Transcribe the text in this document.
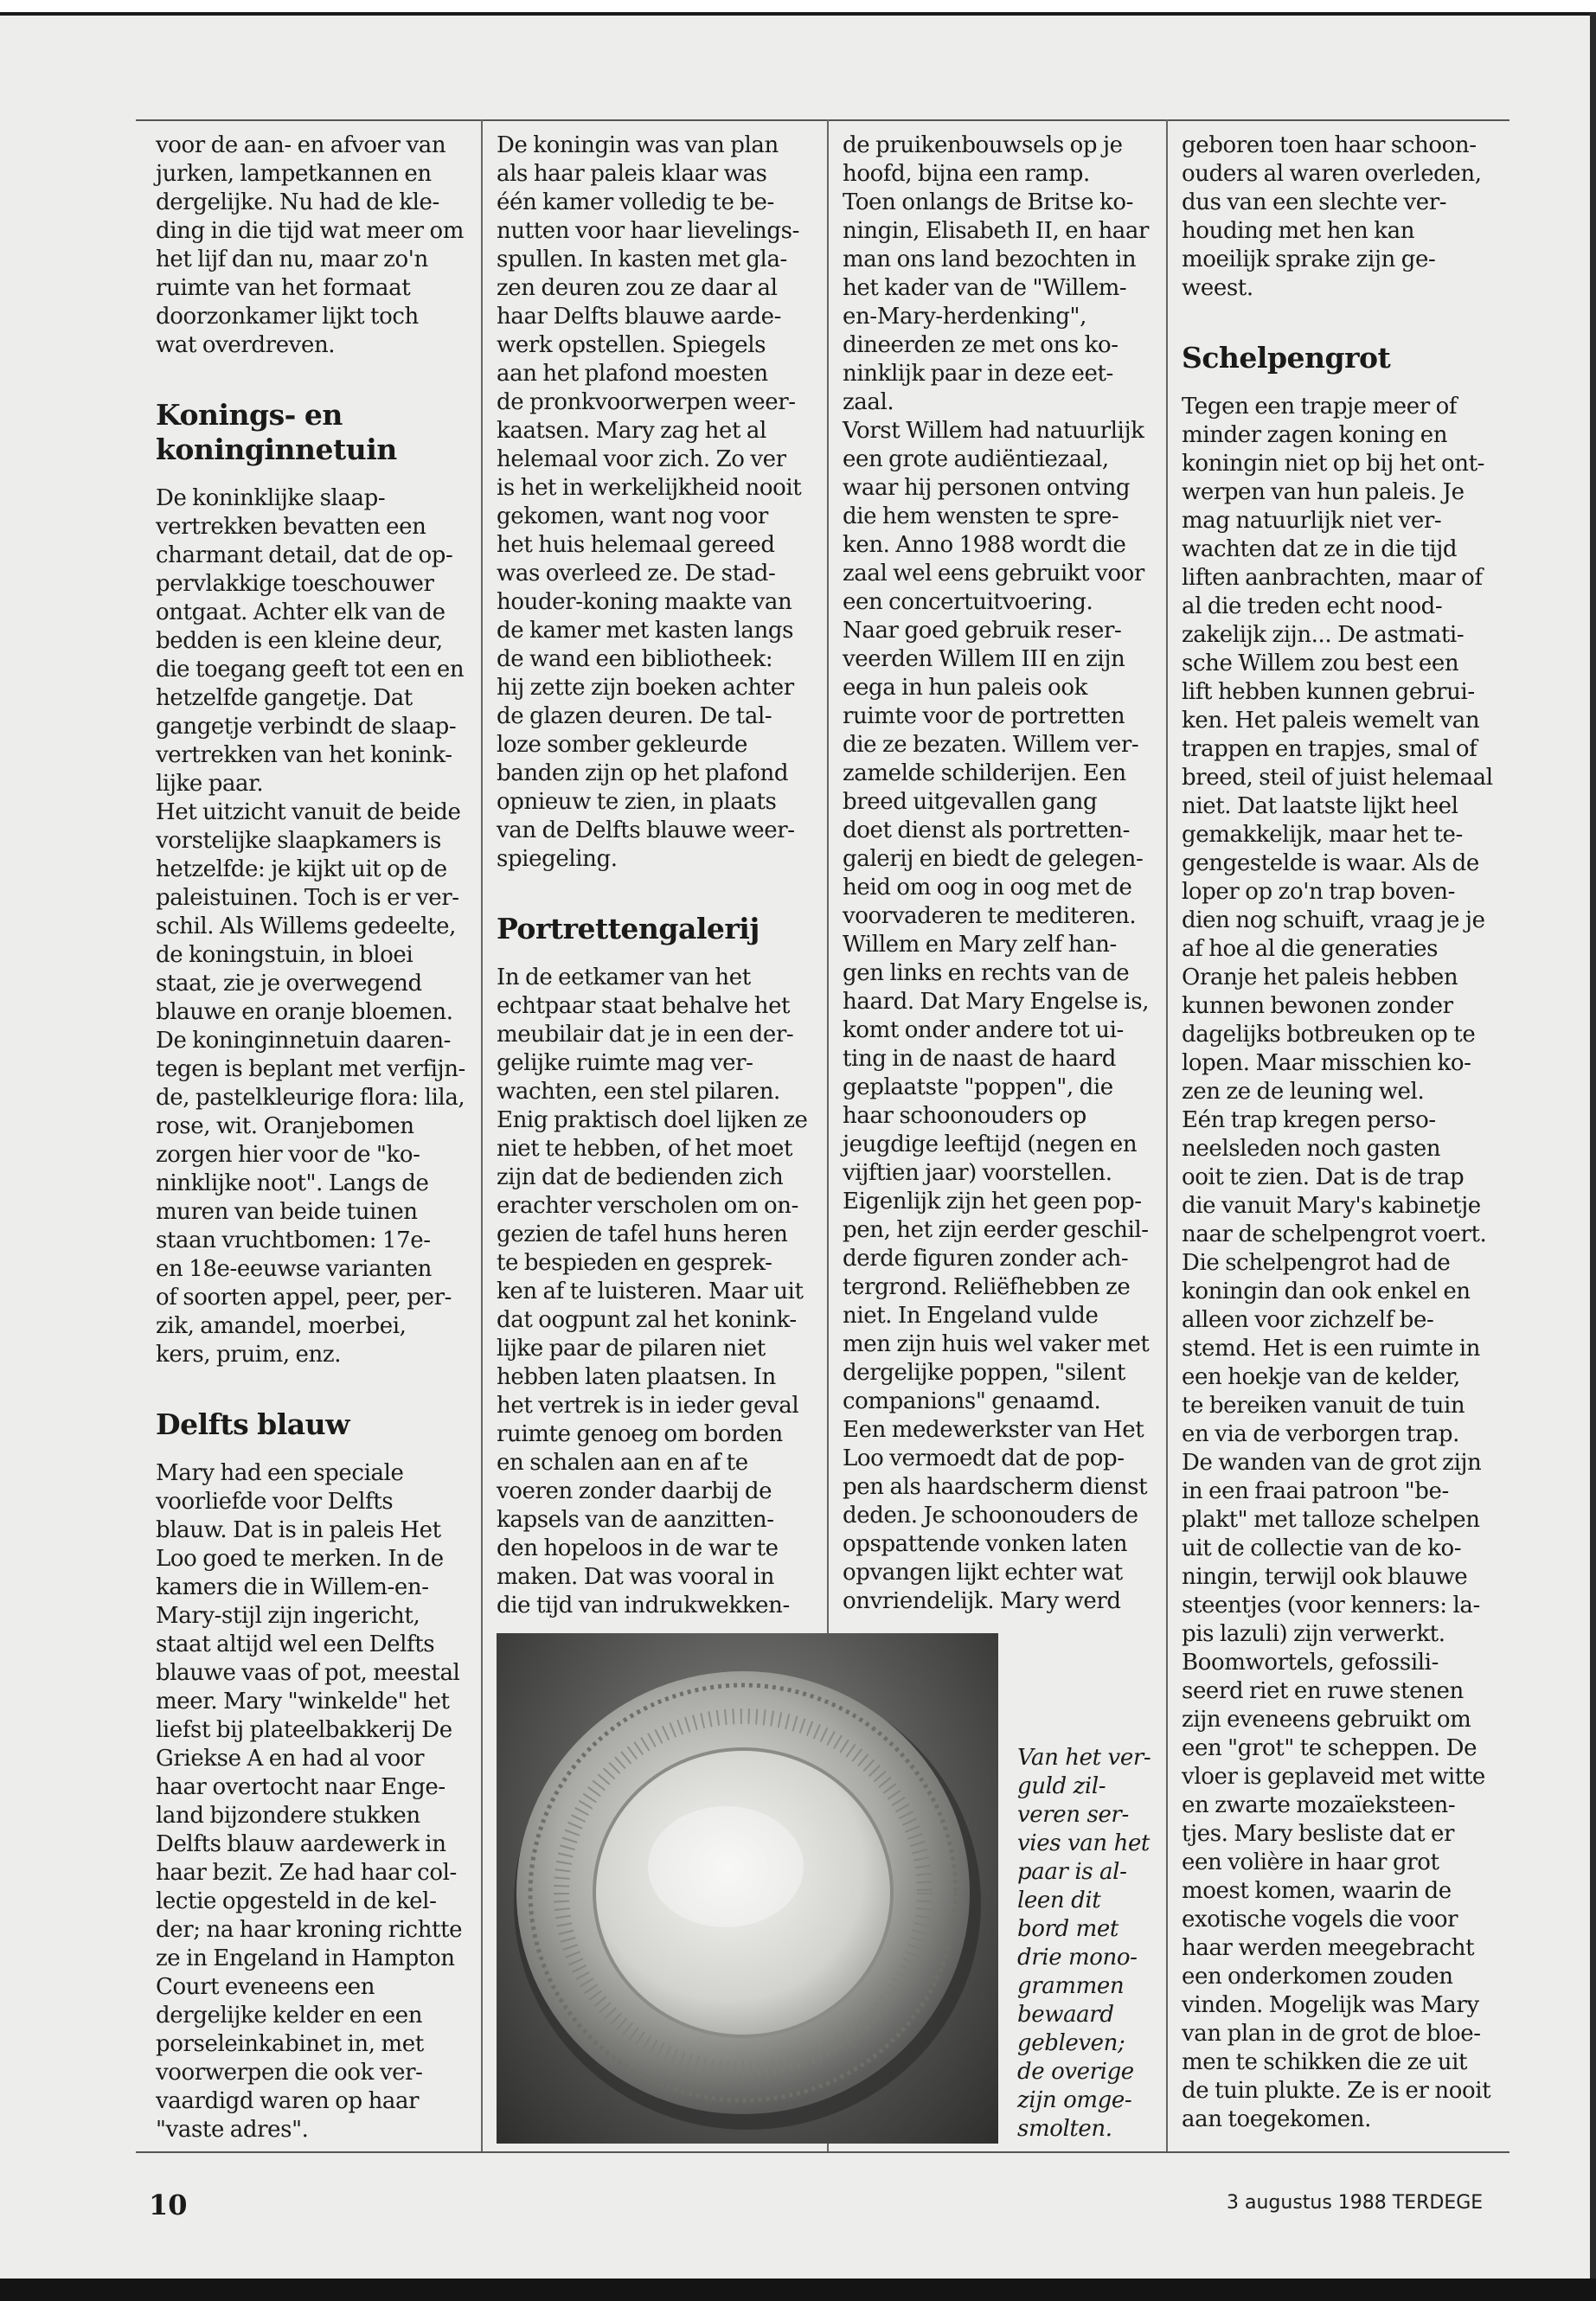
voor de aan- en afvoer van
jurken, lampetkannen en
dergelijke. Nu had de kle-
ding in die tijd wat meer om
het lijf dan nu, maar zo'n
ruimte van het formaat
doorzonkamer lijkt toch
wat overdreven.

Konings- en
koninginnetuin

De koninklijke slaap-
vertrekken bevatten een
charmant detail, dat de op-
pervlakkige toeschouwer
ontgaat. Achter elk van de
bedden is een kleine deur,
die toegang geeft tot een en
hetzelfde gangetje. Dat
gangetje verbindt de slaap-
vertrekken van het konink-
lijke paar.
Het uitzicht vanuit de beide
vorstelijke slaapkamers is
hetzelfde: je kijkt uit op de
paleistuinen. Toch is er ver-
schil. Als Willems gedeelte,
de koningstuin, in bloei
staat, zie je overwegend
blauwe en oranje bloemen.
De koninginnetuin daaren-
tegen is beplant met verfijn-
de, pastelkleurige flora: lila,
rose, wit. Oranjebomen
zorgen hier voor de "ko-
ninklijke noot". Langs de
muren van beide tuinen
staan vruchtbomen: 17e-
en 18e-eeuwse varianten
of soorten appel, peer, per-
zik, amandel, moerbei,
kers, pruim, enz.

Delfts blauw

Mary had een speciale
voorliefde voor Delfts
blauw. Dat is in paleis Het
Loo goed te merken. In de
kamers die in Willem-en-
Mary-stijl zijn ingericht,
staat altijd wel een Delfts
blauwe vaas of pot, meestal
meer. Mary "winkelde" het
liefst bij plateelbakkerij De
Griekse A en had al voor
haar overtocht naar Enge-
land bijzondere stukken
Delfts blauw aardewerk in
haar bezit. Ze had haar col-
lectie opgesteld in de kel-
der; na haar kroning richtte
ze in Engeland in Hampton
Court eveneens een
dergelijke kelder en een
porseleinkabinet in, met
voorwerpen die ook ver-
vaardigd waren op haar
"vaste adres".

De koningin was van plan
als haar paleis klaar was
één kamer volledig te be-
nutten voor haar lievelings-
spullen. In kasten met gla-
zen deuren zou ze daar al
haar Delfts blauwe aarde-
werk opstellen. Spiegels
aan het plafond moesten
de pronkvoorwerpen weer-
kaatsen. Mary zag het al
helemaal voor zich. Zo ver
is het in werkelijkheid nooit
gekomen, want nog voor
het huis helemaal gereed
was overleed ze. De stad-
houder-koning maakte van
de kamer met kasten langs
de wand een bibliotheek:
hij zette zijn boeken achter
de glazen deuren. De tal-
loze somber gekleurde
banden zijn op het plafond
opnieuw te zien, in plaats
van de Delfts blauwe weer-
spiegeling.

Portrettengalerij

In de eetkamer van het
echtpaar staat behalve het
meubilair dat je in een der-
gelijke ruimte mag ver-
wachten, een stel pilaren.
Enig praktisch doel lijken ze
niet te hebben, of het moet
zijn dat de bedienden zich
erachter verscholen om on-
gezien de tafel huns heren
te bespieden en gesprek-
ken af te luisteren. Maar uit
dat oogpunt zal het konink-
lijke paar de pilaren niet
hebben laten plaatsen. In
het vertrek is in ieder geval
ruimte genoeg om borden
en schalen aan en af te
voeren zonder daarbij de
kapsels van de aanzitten-
den hopeloos in de war te
maken. Dat was vooral in
die tijd van indrukwekken-

de pruikenbouwsels op je
hoofd, bijna een ramp.
Toen onlangs de Britse ko-
ningin, Elisabeth II, en haar
man ons land bezochten in
het kader van de "Willem-
en-Mary-herdenking",
dineerden ze met ons ko-
ninklijk paar in deze eet-
zaal.
Vorst Willem had natuurlijk
een grote audiëntiezaal,
waar hij personen ontving
die hem wensten te spre-
ken. Anno 1988 wordt die
zaal wel eens gebruikt voor
een concertuitvoering.
Naar goed gebruik reser-
veerden Willem III en zijn
eega in hun paleis ook
ruimte voor de portretten
die ze bezaten. Willem ver-
zamelde schilderijen. Een
breed uitgevallen gang
doet dienst als portretten-
galerij en biedt de gelegen-
heid om oog in oog met de
voorvaderen te mediteren.
Willem en Mary zelf han-
gen links en rechts van de
haard. Dat Mary Engelse is,
komt onder andere tot ui-
ting in de naast de haard
geplaatste "poppen", die
haar schoonouders op
jeugdige leeftijd (negen en
vijftien jaar) voorstellen.
Eigenlijk zijn het geen pop-
pen, het zijn eerder geschil-
derde figuren zonder ach-
tergrond. Reliëfhebben ze
niet. In Engeland vulde
men zijn huis wel vaker met
dergelijke poppen, "silent
companions" genaamd.
Een medewerkster van Het
Loo vermoedt dat de pop-
pen als haardscherm dienst
deden. Je schoonouders de
opspattende vonken laten
opvangen lijkt echter wat
onvriendelijk. Mary werd

geboren toen haar schoon-
ouders al waren overleden,
dus van een slechte ver-
houding met hen kan
moeilijk sprake zijn ge-
weest.

Schelpengrot

Tegen een trapje meer of
minder zagen koning en
koningin niet op bij het ont-
werpen van hun paleis. Je
mag natuurlijk niet ver-
wachten dat ze in die tijd
liften aanbrachten, maar of
al die treden echt nood-
zakelijk zijn... De astmati-
sche Willem zou best een
lift hebben kunnen gebrui-
ken. Het paleis wemelt van
trappen en trapjes, smal of
breed, steil of juist helemaal
niet. Dat laatste lijkt heel
gemakkelijk, maar het te-
gengestelde is waar. Als de
loper op zo'n trap boven-
dien nog schuift, vraag je je
af hoe al die generaties
Oranje het paleis hebben
kunnen bewonen zonder
dagelijks botbreuken op te
lopen. Maar misschien ko-
zen ze de leuning wel.
Eén trap kregen perso-
neelsleden noch gasten
ooit te zien. Dat is de trap
die vanuit Mary's kabinetje
naar de schelpengrot voert.
Die schelpengrot had de
koningin dan ook enkel en
alleen voor zichzelf be-
stemd. Het is een ruimte in
een hoekje van de kelder,
te bereiken vanuit de tuin
en via de verborgen trap.
De wanden van de grot zijn
in een fraai patroon "be-
plakt" met talloze schelpen
uit de collectie van de ko-
ningin, terwijl ook blauwe
steentjes (voor kenners: la-
pis lazuli) zijn verwerkt.
Boomwortels, gefossili-
seerd riet en ruwe stenen
zijn eveneens gebruikt om
een "grot" te scheppen. De
vloer is geplaveid met witte
en zwarte mozaïeksteen-
tjes. Mary besliste dat er
een volière in haar grot
moest komen, waarin de
exotische vogels die voor
haar werden meegebracht
een onderkomen zouden
vinden. Mogelijk was Mary
van plan in de grot de bloe-
men te schikken die ze uit
de tuin plukte. Ze is er nooit
aan toegekomen.

Van het ver-
guld zil-
veren ser-
vies van het
paar is al-
leen dit
bord met
drie mono-
grammen
bewaard
gebleven;
de overige
zijn omge-
smolten.
10	3 augustus 1988 TERDEGE
